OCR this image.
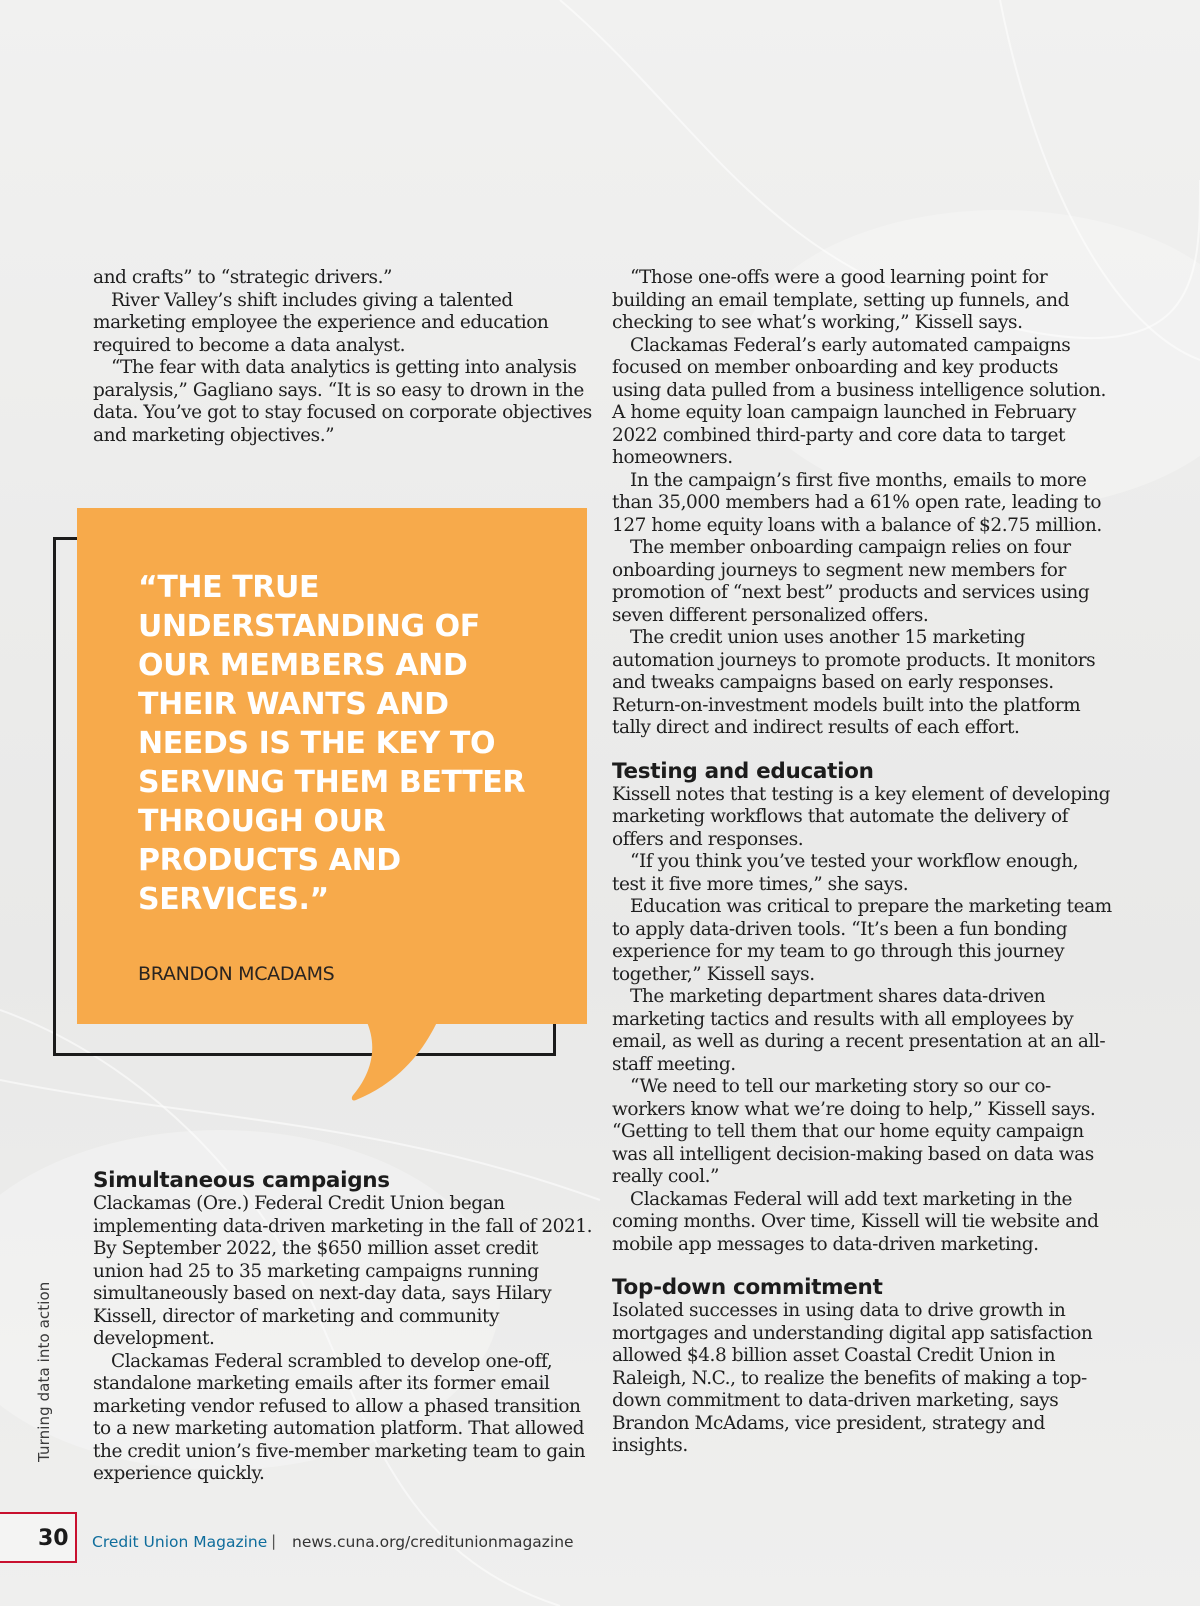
and crafts” to “strategic drivers.”

River Valley’s shift includes giving a talented marketing employee the experience and education required to become a data analyst.

“The fear with data analytics is getting into analysis paralysis,” Gagliano says. “It is so easy to drown in the data. You’ve got to stay focused on corporate objectives and marketing objectives.”

“THE TRUE UNDERSTANDING OF OUR MEMBERS AND THEIR WANTS AND NEEDS IS THE KEY TO SERVING THEM BETTER THROUGH OUR PRODUCTS AND SERVICES.”
BRANDON MCADAMS
Simultaneous campaigns

Clackamas (Ore.) Federal Credit Union began implementing data-driven marketing in the fall of 2021. By September 2022, the $650 million asset credit union had 25 to 35 marketing campaigns running simultaneously based on next-day data, says Hilary Kissell, director of marketing and community development.

Clackamas Federal scrambled to develop one-off, standalone marketing emails after its former email marketing vendor refused to allow a phased transition to a new marketing automation platform. That allowed the credit union’s five-member marketing team to gain experience quickly.

“Those one-offs were a good learning point for building an email template, setting up funnels, and checking to see what’s working,” Kissell says.

Clackamas Federal’s early automated campaigns focused on member onboarding and key products using data pulled from a business intelligence solution. A home equity loan campaign launched in February 2022 combined third-party and core data to target homeowners.

In the campaign’s first five months, emails to more than 35,000 members had a 61% open rate, leading to 127 home equity loans with a balance of $2.75 million.

The member onboarding campaign relies on four onboarding journeys to segment new members for promotion of “next best” products and services using seven different personalized offers.

The credit union uses another 15 marketing automation journeys to promote products. It monitors and tweaks campaigns based on early responses. Return-on-investment models built into the platform tally direct and indirect results of each effort.

Testing and education

Kissell notes that testing is a key element of developing marketing workflows that automate the delivery of offers and responses.

“If you think you’ve tested your workflow enough, test it five more times,” she says.

Education was critical to prepare the marketing team to apply data-driven tools. “It’s been a fun bonding experience for my team to go through this journey together,” Kissell says.

The marketing department shares data-driven marketing tactics and results with all employees by email, as well as during a recent presentation at an all-staff meeting.

“We need to tell our marketing story so our co-workers know what we’re doing to help,” Kissell says. “Getting to tell them that our home equity campaign was all intelligent decision-making based on data was really cool.”

Clackamas Federal will add text marketing in the coming months. Over time, Kissell will tie website and mobile app messages to data-driven marketing.

Top-down commitment

Isolated successes in using data to drive growth in mortgages and understanding digital app satisfaction allowed $4.8 billion asset Coastal Credit Union in Raleigh, N.C., to realize the benefits of making a top-down commitment to data-driven marketing, says Brandon McAdams, vice president, strategy and insights.

Turning data into action
30 Credit Union Magazine | news.cuna.org/creditunionmagazine
